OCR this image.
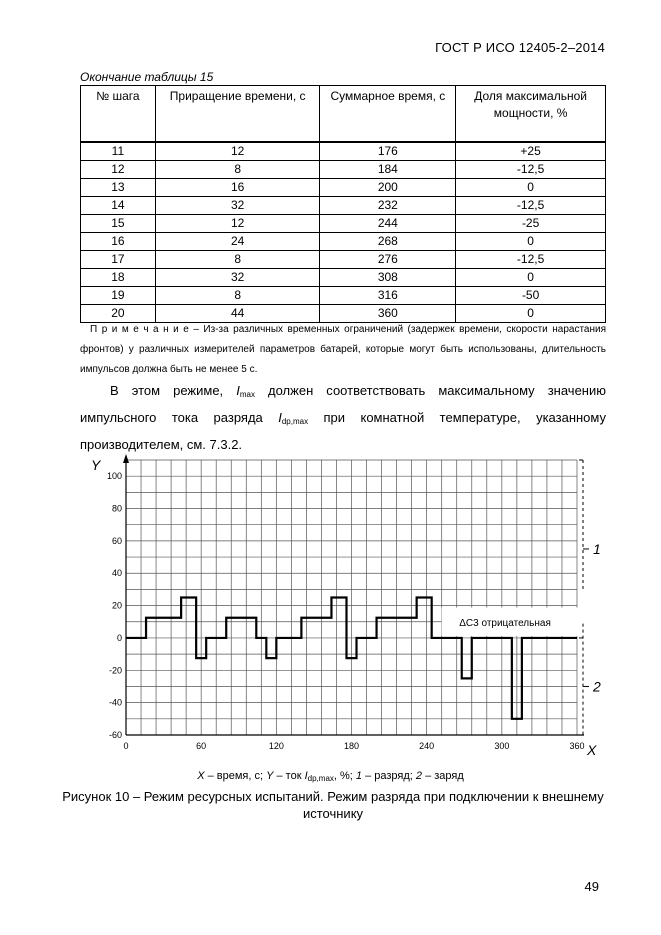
ГОСТ Р ИСО 12405-2–2014
Окончание таблицы 15
№ шага	Приращение времени, с	Суммарное время, с	Доля максимальной мощности, %
11	12	176	+25
12	8	184	-12,5
13	16	200	0
14	32	232	-12,5
15	12	244	-25
16	24	268	0
17	8	276	-12,5
18	32	308	0
19	8	316	-50
20	44	360	0
П р и м е ч а н и е – Из-за различных временных ограничений (задержек времени, скорости нарастания фронтов) у различных измерителей параметров батарей, которые могут быть использованы, длительность импульсов должна быть не менее 5 с.
В этом режиме, $I_{max}$ должен соответствовать максимальному значению импульсного тока разряда $I_{dp,max}$ при комнатной температуре, указанному производителем, см. 7.3.2.
100
80
60
40
20
0
-20
-40
-60
0	60	120	180	240	300	360
Y
X
ΔC3 отрицательная
1
2
X – время, с; Y – ток $I_{dp,max}$, %; 1 – разряд; 2 – заряд
Рисунок 10 – Режим ресурсных испытаний. Режим разряда при подключении к внешнему источнику
49
